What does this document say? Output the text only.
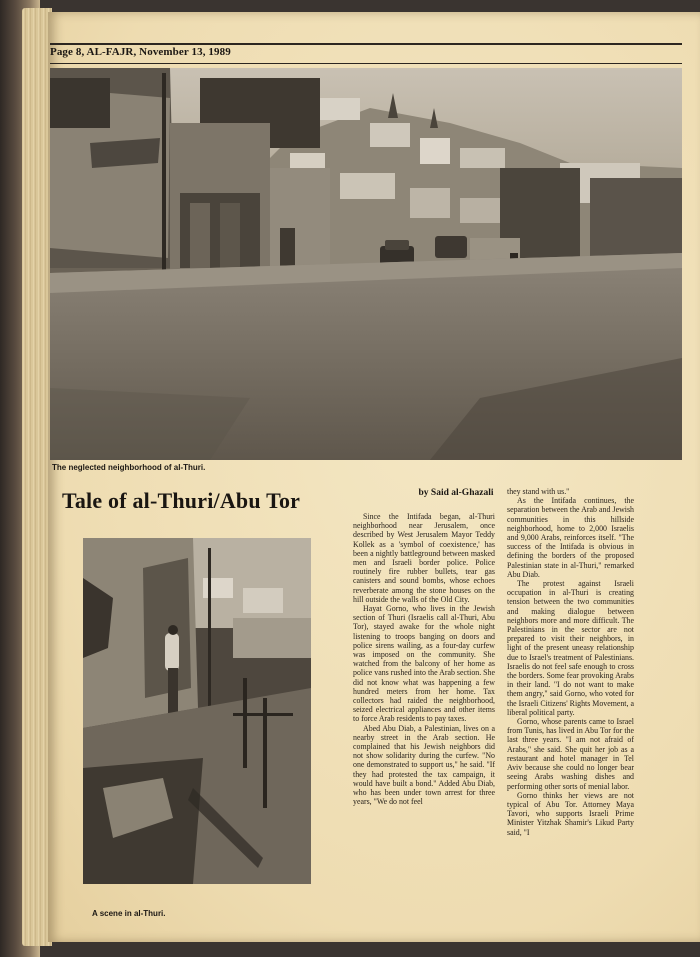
Page 8, AL-FAJR, November 13, 1989
The neglected neighborhood of al-Thuri.
Tale of al-Thuri/Abu Tor	by Said al-Ghazali
A scene in al-Thuri.

Since the Intifada began, al-Thuri neighborhood near Jerusalem, once described by West Jerusalem Mayor Teddy Kollek as a 'symbol of coexistence,' has been a nightly battleground between masked men and Israeli border police. Police routinely fire rubber bullets, tear gas canisters and sound bombs, whose echoes reverberate among the stone houses on the hill outside the walls of the Old City.

Hayat Gorno, who lives in the Jewish section of Thuri (Israelis call al-Thuri, Abu Tor), stayed awake for the whole night listening to troops banging on doors and police sirens wailing, as a four-day curfew was imposed on the community. She watched from the balcony of her home as police vans rushed into the Arab section. She did not know what was happening a few hundred meters from her home. Tax collectors had raided the neighborhood, seized electrical appliances and other items to force Arab residents to pay taxes.

Abed Abu Diab, a Palestinian, lives on a nearby street in the Arab section. He complained that his Jewish neighbors did not show solidarity during the curfew. "No one demonstrated to support us," he said. "If they had protested the tax campaign, it would have built a bond." Added Abu Diab, who has been under town arrest for three years, "We do not feel

they stand with us."

As the Intifada continues, the separation between the Arab and Jewish communities in this hillside neighborhood, home to 2,000 Israelis and 9,000 Arabs, reinforces itself. "The success of the Intifada is obvious in defining the borders of the proposed Palestinian state in al-Thuri," remarked Abu Diab.

The protest against Israeli occupation in al-Thuri is creating tension between the two communities and making dialogue between neighbors more and more difficult. The Palestinians in the sector are not prepared to visit their neighbors, in light of the present uneasy relationship due to Israel's treatment of Palestinians. Israelis do not feel safe enough to cross the borders. Some fear provoking Arabs in their land. "I do not want to make them angry," said Gorno, who voted for the Israeli Citizens' Rights Movement, a liberal political party.

Gorno, whose parents came to Israel from Tunis, has lived in Abu Tor for the last three years. "I am not afraid of Arabs," she said. She quit her job as a restaurant and hotel manager in Tel Aviv because she could no longer bear seeing Arabs washing dishes and performing other sorts of menial labor.

Gorno thinks her views are not typical of Abu Tor. Attorney Maya Tavori, who supports Israeli Prime Minister Yitzhak Shamir's Likud Party said, "I
